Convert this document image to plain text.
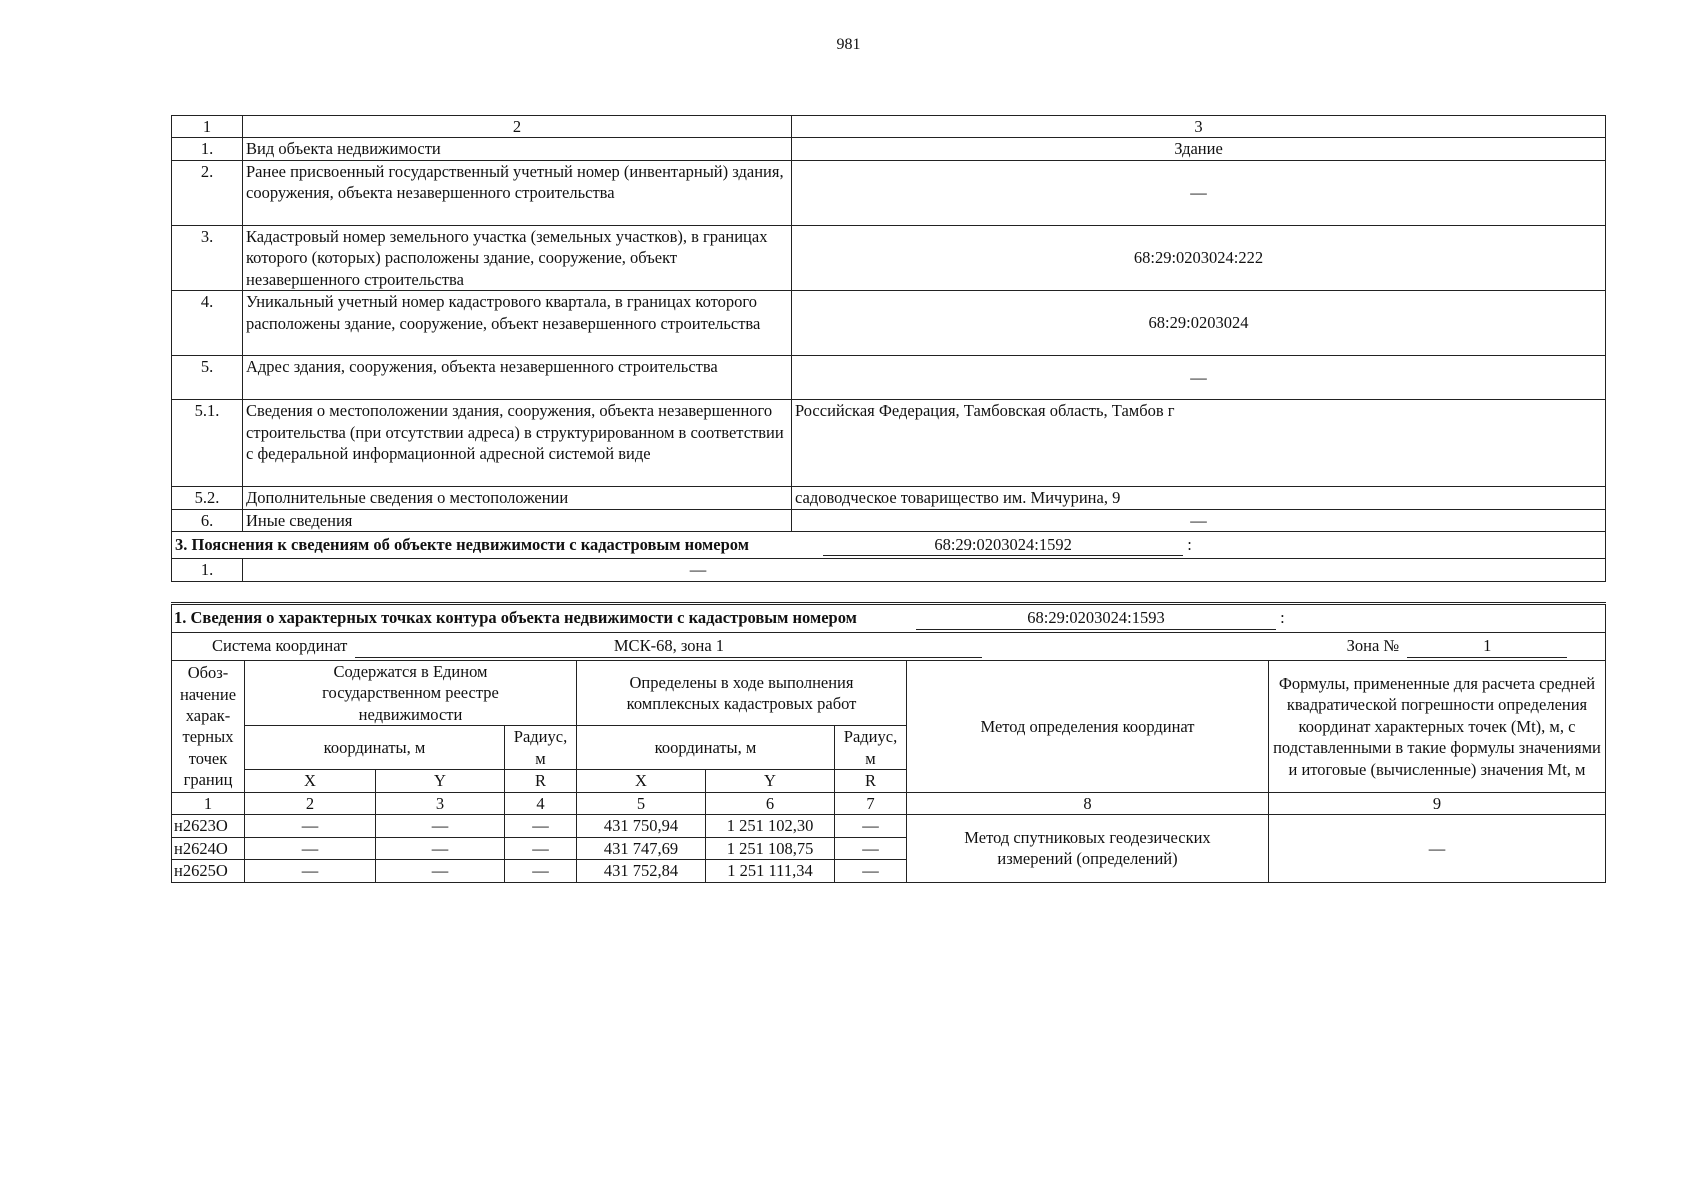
981
1	2	3
1.	Вид объекта недвижимости	Здание
2.	Ранее присвоенный государственный учетный номер (инвентарный) здания, сооружения, объекта незавершенного строительства	—
3.	Кадастровый номер земельного участка (земельных участков), в границах которого (которых) расположены здание, сооружение, объект незавершенного строительства	68:29:0203024:222
4.	Уникальный учетный номер кадастрового квартала, в границах которого расположены здание, сооружение, объект незавершенного строительства	68:29:0203024
5.	Адрес здания, сооружения, объекта незавершенного строительства	—
5.1.	Сведения о местоположении здания, сооружения, объекта незавершенного строительства (при отсутствии адреса) в структурированном в соответствии с федеральной информационной адресной системой виде	Российская Федерация, Тамбовская область, Тамбов г
5.2.	Дополнительные сведения о местоположении	садоводческое товарищество им. Мичурина, 9
6.	Иные сведения	—
3. Пояснения к сведениям об объекте недвижимости с кадастровым номером 68:29:0203024:1592 :		
1.	—	
1. Сведения о характерных точках контура объекта недвижимости с кадастровым номером 68:29:0203024:1593 :								
Система координат МСК-68, зона 1 Зона № 1								
Обоз-начение харак-терных точек границ	Содержатся в Едином государственном реестре недвижимости			Определены в ходе выполнения комплексных кадастровых работ			Метод определения координат	Формулы, примененные для расчета средней квадратической погрешности определения координат характерных точек (Mt), м, с подставленными в такие формулы значениями и итоговые (вычисленные) значения Mt, м
	координаты, м		Радиус, м	координаты, м		Радиус, м		
	X	Y	R	X	Y	R		
1	2	3	4	5	6	7	8	9
н2623О	—	—	—	431 750,94	1 251 102,30	—	Метод спутниковых геодезических измерений (определений)	—
н2624О	—	—	—	431 747,69	1 251 108,75	—		
н2625О	—	—	—	431 752,84	1 251 111,34	—		
